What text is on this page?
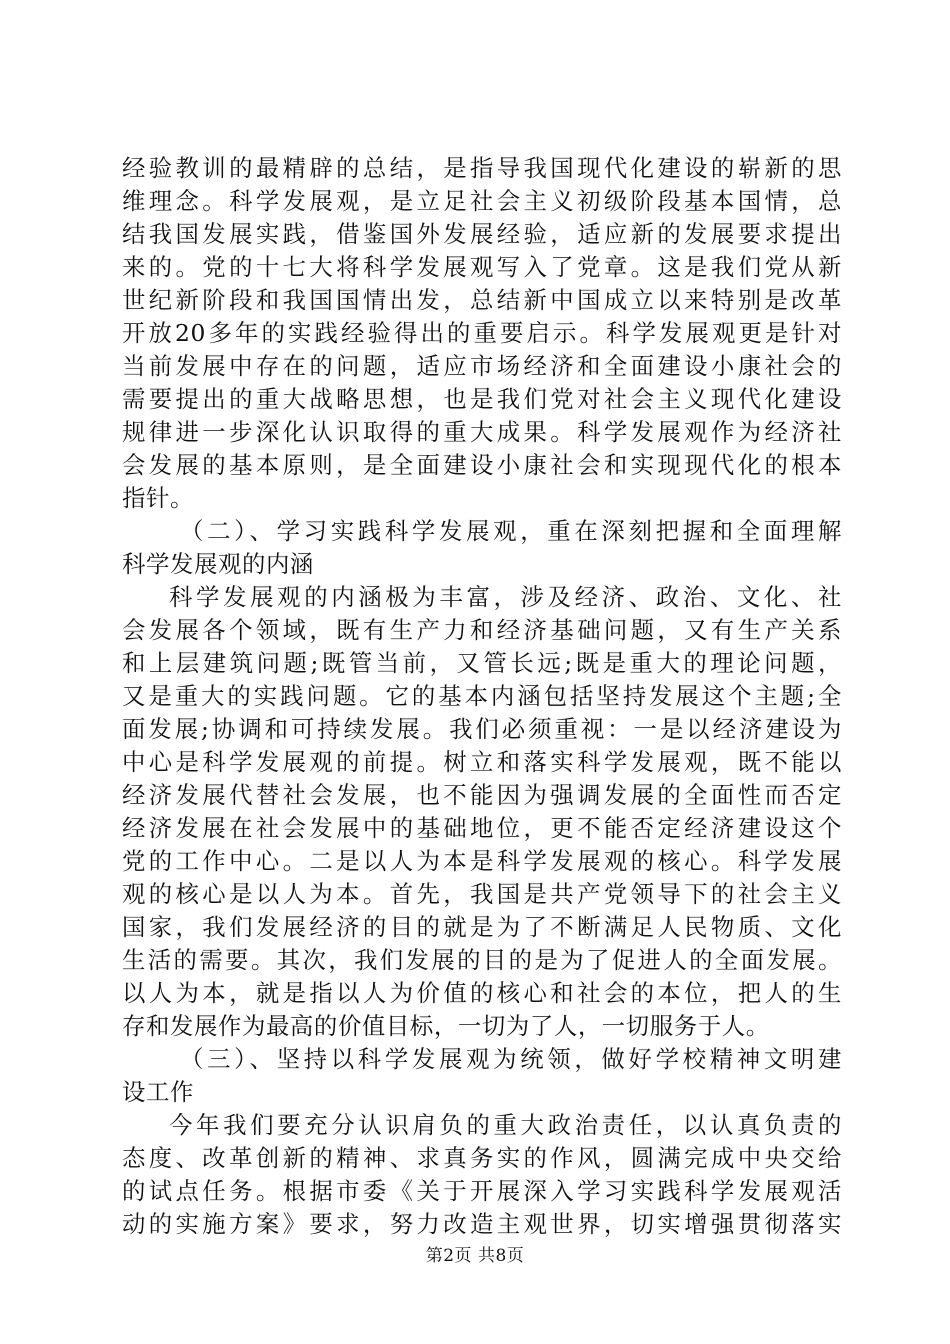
经验教训的最精辟的总结，是指导我国现代化建设的崭新的思
维理念。科学发展观，是立足社会主义初级阶段基本国情，总
结我国发展实践，借鉴国外发展经验，适应新的发展要求提出
来的。党的十七大将科学发展观写入了党章。这是我们党从新
世纪新阶段和我国国情出发，总结新中国成立以来特别是改革
开放20多年的实践经验得出的重要启示。科学发展观更是针对
当前发展中存在的问题，适应市场经济和全面建设小康社会的
需要提出的重大战略思想，也是我们党对社会主义现代化建设
规律进一步深化认识取得的重大成果。科学发展观作为经济社
会发展的基本原则，是全面建设小康社会和实现现代化的根本
指针。
（二）、学习实践科学发展观，重在深刻把握和全面理解
科学发展观的内涵
科学发展观的内涵极为丰富，涉及经济、政治、文化、社
会发展各个领域，既有生产力和经济基础问题，又有生产关系
和上层建筑问题;既管当前，又管长远;既是重大的理论问题，
又是重大的实践问题。它的基本内涵包括坚持发展这个主题;全
面发展;协调和可持续发展。我们必须重视：一是以经济建设为
中心是科学发展观的前提。树立和落实科学发展观，既不能以
经济发展代替社会发展，也不能因为强调发展的全面性而否定
经济发展在社会发展中的基础地位，更不能否定经济建设这个
党的工作中心。二是以人为本是科学发展观的核心。科学发展
观的核心是以人为本。首先，我国是共产党领导下的社会主义
国家，我们发展经济的目的就是为了不断满足人民物质、文化
生活的需要。其次，我们发展的目的是为了促进人的全面发展。
以人为本，就是指以人为价值的核心和社会的本位，把人的生
存和发展作为最高的价值目标，一切为了人，一切服务于人。
（三）、坚持以科学发展观为统领，做好学校精神文明建
设工作
今年我们要充分认识肩负的重大政治责任，以认真负责的
态度、改革创新的精神、求真务实的作风，圆满完成中央交给
的试点任务。根据市委《关于开展深入学习实践科学发展观活
动的实施方案》要求，努力改造主观世界，切实增强贯彻落实
第2页 共8页
